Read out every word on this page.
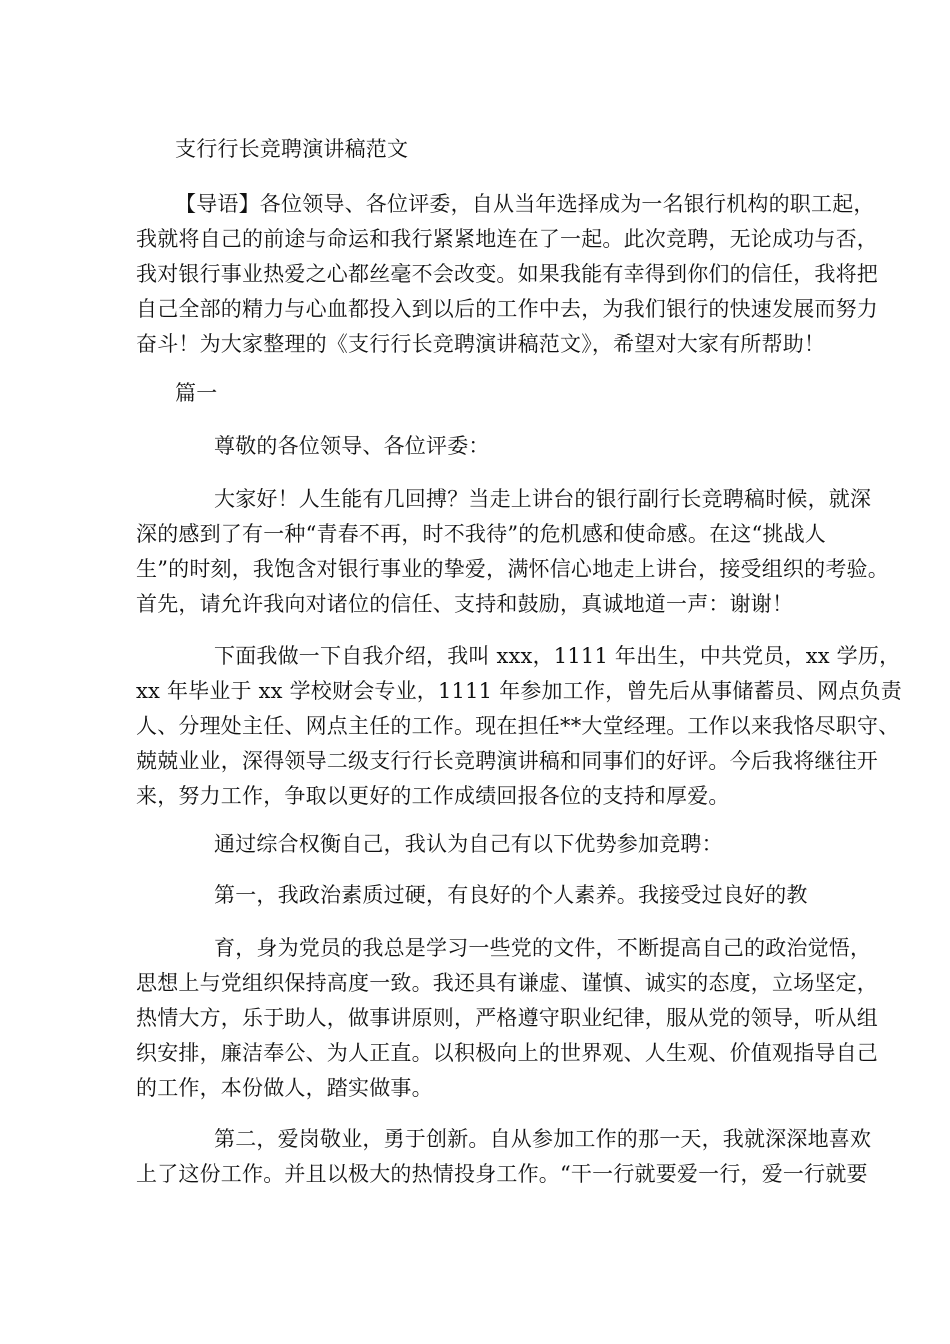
支行行长竞聘演讲稿范文
【导语】各位领导、各位评委，自从当年选择成为一名银行机构的职工起，
我就将自己的前途与命运和我行紧紧地连在了一起。此次竞聘，无论成功与否，
我对银行事业热爱之心都丝毫不会改变。如果我能有幸得到你们的信任，我将把
自己全部的精力与心血都投入到以后的工作中去，为我们银行的快速发展而努力
奋斗！为大家整理的《支行行长竞聘演讲稿范文》，希望对大家有所帮助！
篇一
尊敬的各位领导、各位评委：
大家好！人生能有几回搏？当走上讲台的银行副行长竞聘稿时候，就深
深的感到了有一种“青春不再，时不我待”的危机感和使命感。在这“挑战人
生”的时刻，我饱含对银行事业的挚爱，满怀信心地走上讲台，接受组织的考验。
首先，请允许我向对诸位的信任、支持和鼓励，真诚地道一声：谢谢！
下面我做一下自我介绍，我叫 xxx，1111 年出生，中共党员，xx 学历，
xx 年毕业于 xx 学校财会专业，1111 年参加工作，曾先后从事储蓄员、网点负责
人、分理处主任、网点主任的工作。现在担任**大堂经理。工作以来我恪尽职守、
兢兢业业，深得领导二级支行行长竞聘演讲稿和同事们的好评。今后我将继往开
来，努力工作，争取以更好的工作成绩回报各位的支持和厚爱。
通过综合权衡自己，我认为自己有以下优势参加竞聘：
第一，我政治素质过硬，有良好的个人素养。我接受过良好的教
育，身为党员的我总是学习一些党的文件，不断提高自己的政治觉悟，
思想上与党组织保持高度一致。我还具有谦虚、谨慎、诚实的态度，立场坚定，
热情大方，乐于助人，做事讲原则，严格遵守职业纪律，服从党的领导，听从组
织安排，廉洁奉公、为人正直。以积极向上的世界观、人生观、价值观指导自己
的工作，本份做人，踏实做事。
第二，爱岗敬业，勇于创新。自从参加工作的那一天，我就深深地喜欢
上了这份工作。并且以极大的热情投身工作。“干一行就要爱一行，爱一行就要
